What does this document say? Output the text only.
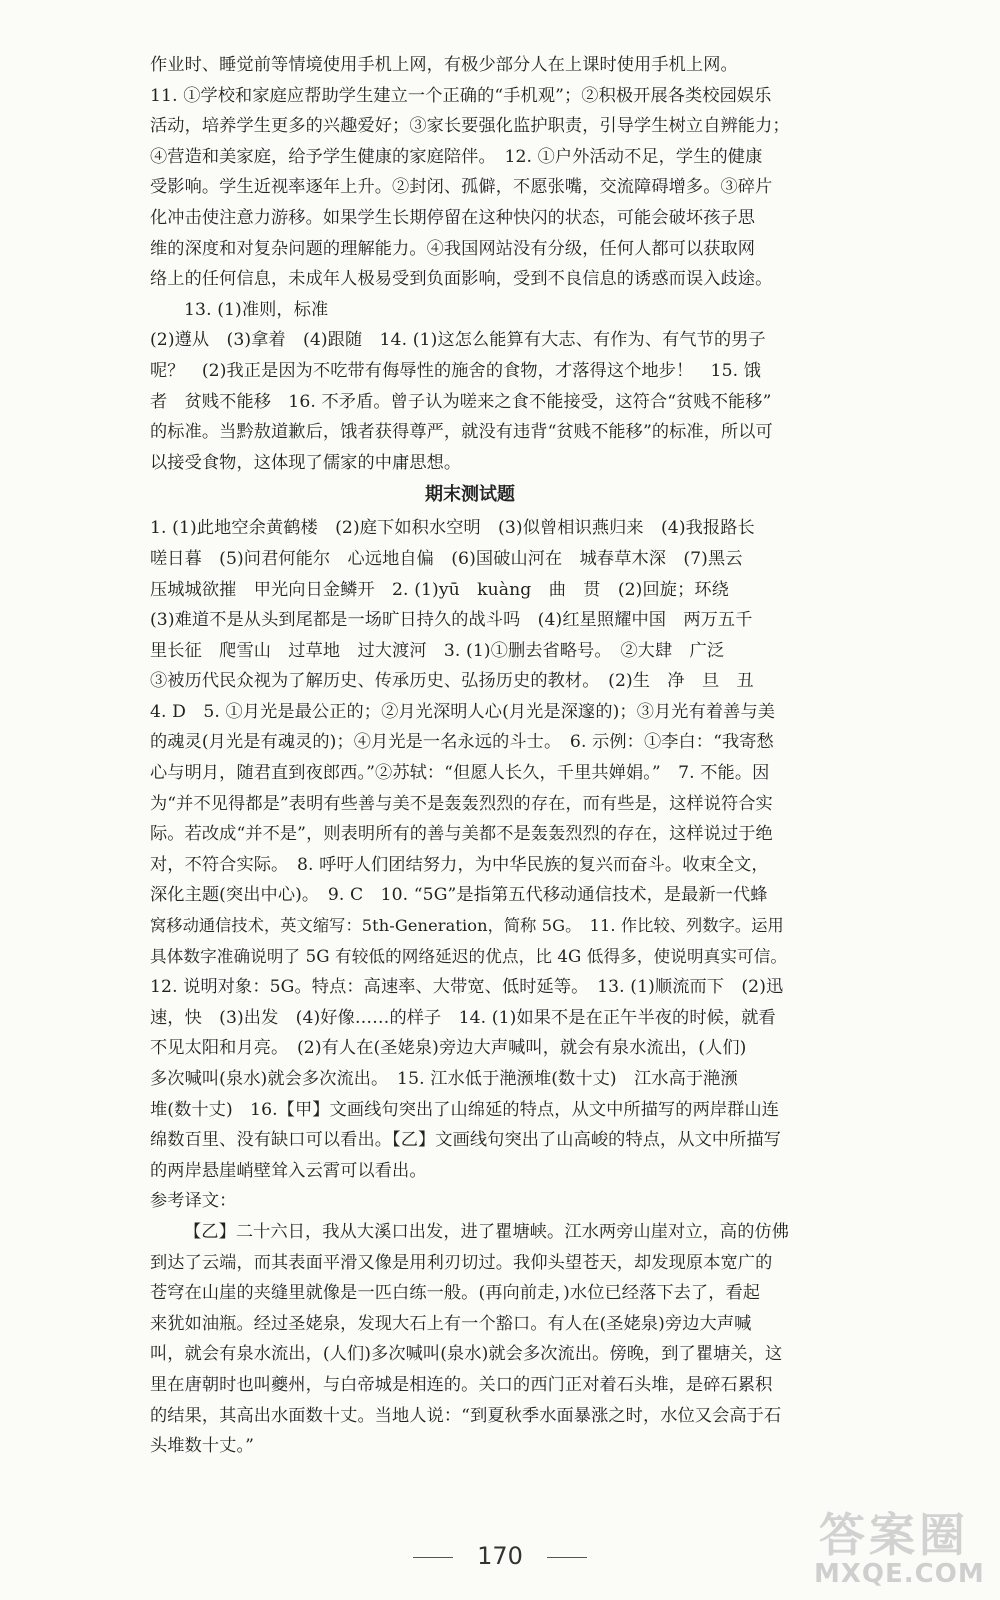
作业时、睡觉前等情境使用手机上网，有极少部分人在上课时使用手机上网。
11. ①学校和家庭应帮助学生建立一个正确的“手机观”；②积极开展各类校园娱乐
活动，培养学生更多的兴趣爱好；③家长要强化监护职责，引导学生树立自辨能力；
④营造和美家庭，给予学生健康的家庭陪伴。　12. ①户外活动不足，学生的健康
受影响。学生近视率逐年上升。②封闭、孤僻，不愿张嘴，交流障碍增多。③碎片
化冲击使注意力游移。如果学生长期停留在这种快闪的状态，可能会破坏孩子思
维的深度和对复杂问题的理解能力。④我国网站没有分级，任何人都可以获取网
络上的任何信息，未成年人极易受到负面影响，受到不良信息的诱惑而误入歧途。
13. (1)准则，标准
(2)遵从　(3)拿着　(4)跟随　14. (1)这怎么能算有大志、有作为、有气节的男子
呢？　(2)我正是因为不吃带有侮辱性的施舍的食物，才落得这个地步！　15. 饿
者　贫贱不能移　16. 不矛盾。曾子认为嗟来之食不能接受，这符合“贫贱不能移”
的标准。当黔敖道歉后，饿者获得尊严，就没有违背“贫贱不能移”的标准，所以可
以接受食物，这体现了儒家的中庸思想。
期末测试题
1. (1)此地空余黄鹤楼　(2)庭下如积水空明　(3)似曾相识燕归来　(4)我报路长
嗟日暮　(5)问君何能尔　心远地自偏　(6)国破山河在　城春草木深　(7)黑云
压城城欲摧　甲光向日金鳞开　2. (1)yū　kuàng　曲　贯　(2)回旋；环绕
(3)难道不是从头到尾都是一场旷日持久的战斗吗　(4)红星照耀中国　两万五千
里长征　爬雪山　过草地　过大渡河　3. (1)①删去省略号。　②大肆　广泛
③被历代民众视为了解历史、传承历史、弘扬历史的教材。　(2)生　净　旦　丑
4. D　5. ①月光是最公正的；②月光深明人心(月光是深邃的)；③月光有着善与美
的魂灵(月光是有魂灵的)；④月光是一名永远的斗士。　6. 示例：①李白：“我寄愁
心与明月，随君直到夜郎西。”②苏轼：“但愿人长久，千里共婵娟。”　7. 不能。因
为“并不见得都是”表明有些善与美不是轰轰烈烈的存在，而有些是，这样说符合实
际。若改成“并不是”，则表明所有的善与美都不是轰轰烈烈的存在，这样说过于绝
对，不符合实际。　8. 呼吁人们团结努力，为中华民族的复兴而奋斗。收束全文，
深化主题(突出中心)。　9. C　10. “5G”是指第五代移动通信技术，是最新一代蜂
窝移动通信技术，英文缩写：5th-Generation，简称 5G。　11. 作比较、列数字。运用
具体数字准确说明了 5G 有较低的网络延迟的优点，比 4G 低得多，使说明真实可信。
12. 说明对象：5G。特点：高速率、大带宽、低时延等。　13. (1)顺流而下　(2)迅
速，快　(3)出发　(4)好像……的样子　14. (1)如果不是在正午半夜的时候，就看
不见太阳和月亮。　(2)有人在(圣姥泉)旁边大声喊叫，就会有泉水流出，(人们)
多次喊叫(泉水)就会多次流出。　15. 江水低于滟滪堆(数十丈)　江水高于滟滪
堆(数十丈)　16.【甲】文画线句突出了山绵延的特点，从文中所描写的两岸群山连
绵数百里、没有缺口可以看出。【乙】文画线句突出了山高峻的特点，从文中所描写
的两岸悬崖峭壁耸入云霄可以看出。
参考译文：
【乙】二十六日，我从大溪口出发，进了瞿塘峡。江水两旁山崖对立，高的仿佛
到达了云端，而其表面平滑又像是用利刃切过。我仰头望苍天，却发现原本宽广的
苍穹在山崖的夹缝里就像是一匹白练一般。(再向前走，)水位已经落下去了，看起
来犹如油瓶。经过圣姥泉，发现大石上有一个豁口。有人在(圣姥泉)旁边大声喊
叫，就会有泉水流出，(人们)多次喊叫(泉水)就会多次流出。傍晚，到了瞿塘关，这
里在唐朝时也叫夔州，与白帝城是相连的。关口的西门正对着石头堆，是碎石累积
的结果，其高出水面数十丈。当地人说：“到夏秋季水面暴涨之时，水位又会高于石
头堆数十丈。”
170	答案圈
MXQE.COM
